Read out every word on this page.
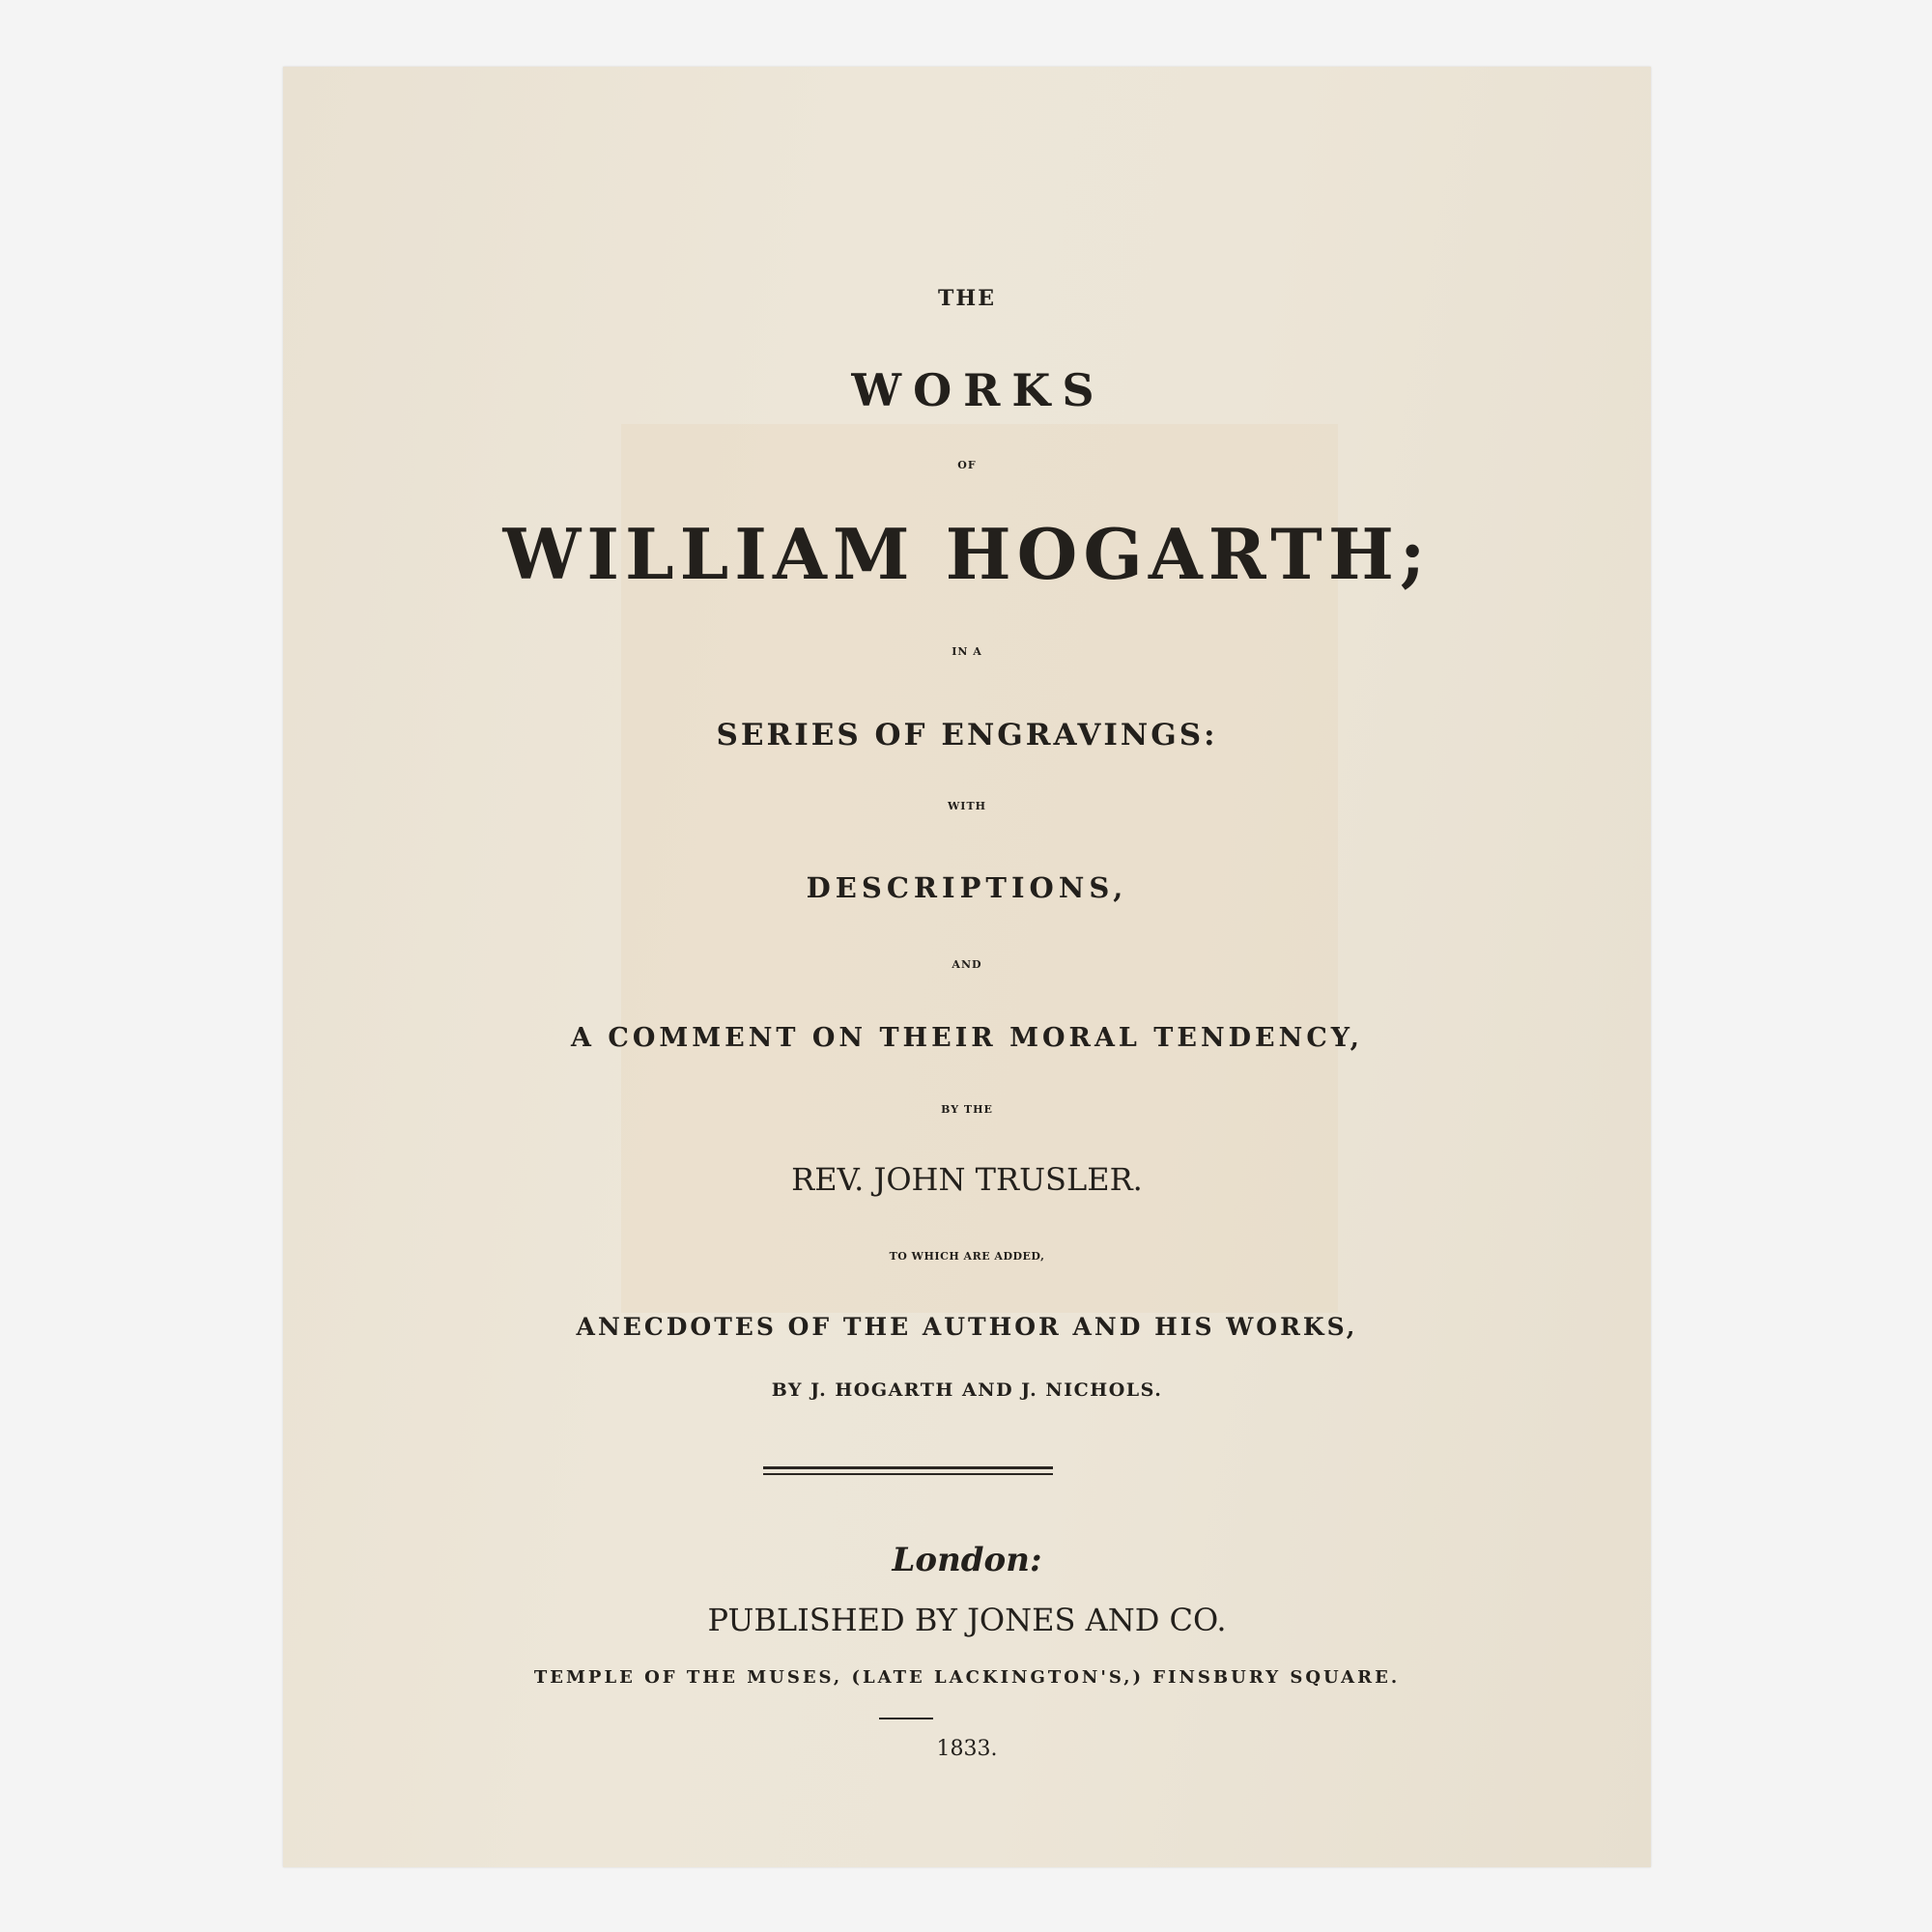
THE
WORKS
OF
WILLIAM HOGARTH;
IN A
SERIES OF ENGRAVINGS:
WITH
DESCRIPTIONS,
AND
A COMMENT ON THEIR MORAL TENDENCY,
BY THE
REV. JOHN TRUSLER.
TO WHICH ARE ADDED,
ANECDOTES OF THE AUTHOR AND HIS WORKS,
BY J. HOGARTH AND J. NICHOLS.
London:
PUBLISHED BY JONES AND CO.
TEMPLE OF THE MUSES, (LATE LACKINGTON'S,) FINSBURY SQUARE.
1833.
